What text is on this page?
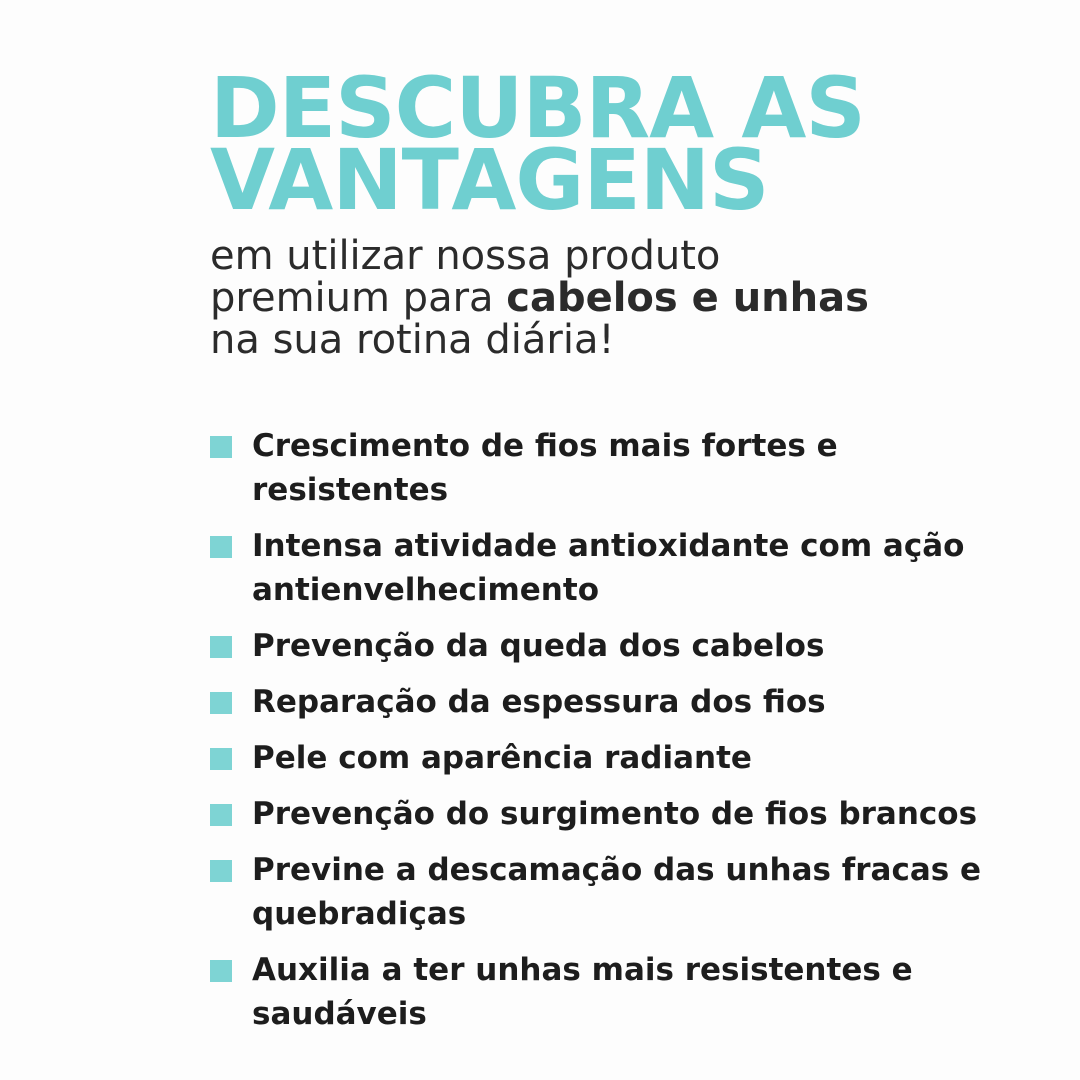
DESCUBRA AS
VANTAGENS
em utilizar nossa produto
premium para cabelos e unhas
na sua rotina diária!
Crescimento de fios mais fortes e resistentes
Intensa atividade antioxidante com ação antienvelhecimento
Prevenção da queda dos cabelos
Reparação da espessura dos fios
Pele com aparência radiante
Prevenção do surgimento de fios brancos
Previne a descamação das unhas fracas e quebradiças
Auxilia a ter unhas mais resistentes e saudáveis
